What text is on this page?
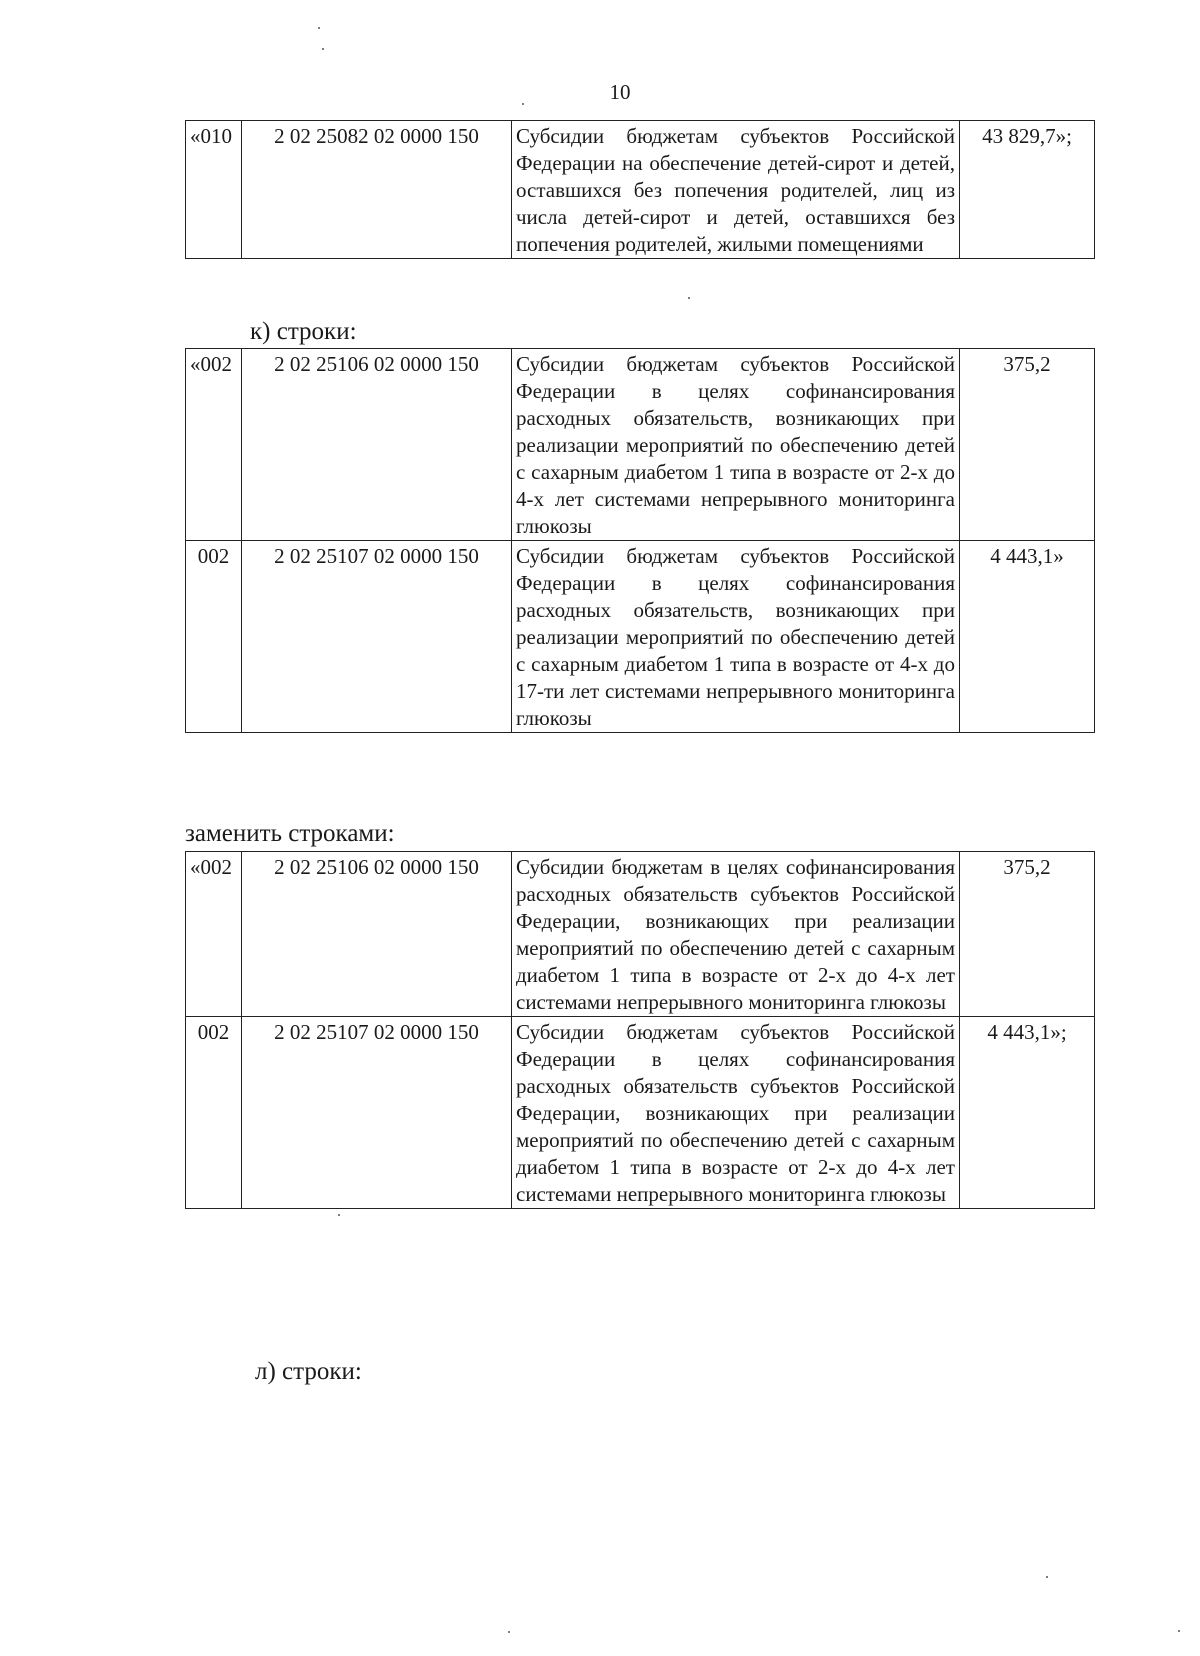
10
«010	2 02 25082 02 0000 150	Субсидии бюджетам субъектов Российской Федерации на обеспечение детей-сирот и детей, оставшихся без попечения родителей, лиц из числа детей-сирот и детей, оставшихся без попечения родителей, жилыми помещениями	43 829,7»;
к) строки:
«002	2 02 25106 02 0000 150	Субсидии бюджетам субъектов Российской Федерации в целях софинансирования расходных обязательств, возникающих при реализации мероприятий по обеспечению детей с сахарным диабетом 1 типа в возрасте от 2-х до 4-х лет системами непрерывного мониторинга глюкозы	375,2
002	2 02 25107 02 0000 150	Субсидии бюджетам субъектов Российской Федерации в целях софинансирования расходных обязательств, возникающих при реализации мероприятий по обеспечению детей с сахарным диабетом 1 типа в возрасте от 4-х до 17-ти лет системами непрерывного мониторинга глюкозы	4 443,1»
заменить строками:
«002	2 02 25106 02 0000 150	Субсидии бюджетам в целях софинансирования расходных обязательств субъектов Российской Федерации, возникающих при реализации мероприятий по обеспечению детей с сахарным диабетом 1 типа в возрасте от 2-х до 4-х лет системами непрерывного мониторинга глюкозы	375,2
002	2 02 25107 02 0000 150	Субсидии бюджетам субъектов Российской Федерации в целях софинансирования расходных обязательств субъектов Российской Федерации, возникающих при реализации мероприятий по обеспечению детей с сахарным диабетом 1 типа в возрасте от 2-х до 4-х лет системами непрерывного мониторинга глюкозы	4 443,1»;
л) строки:
